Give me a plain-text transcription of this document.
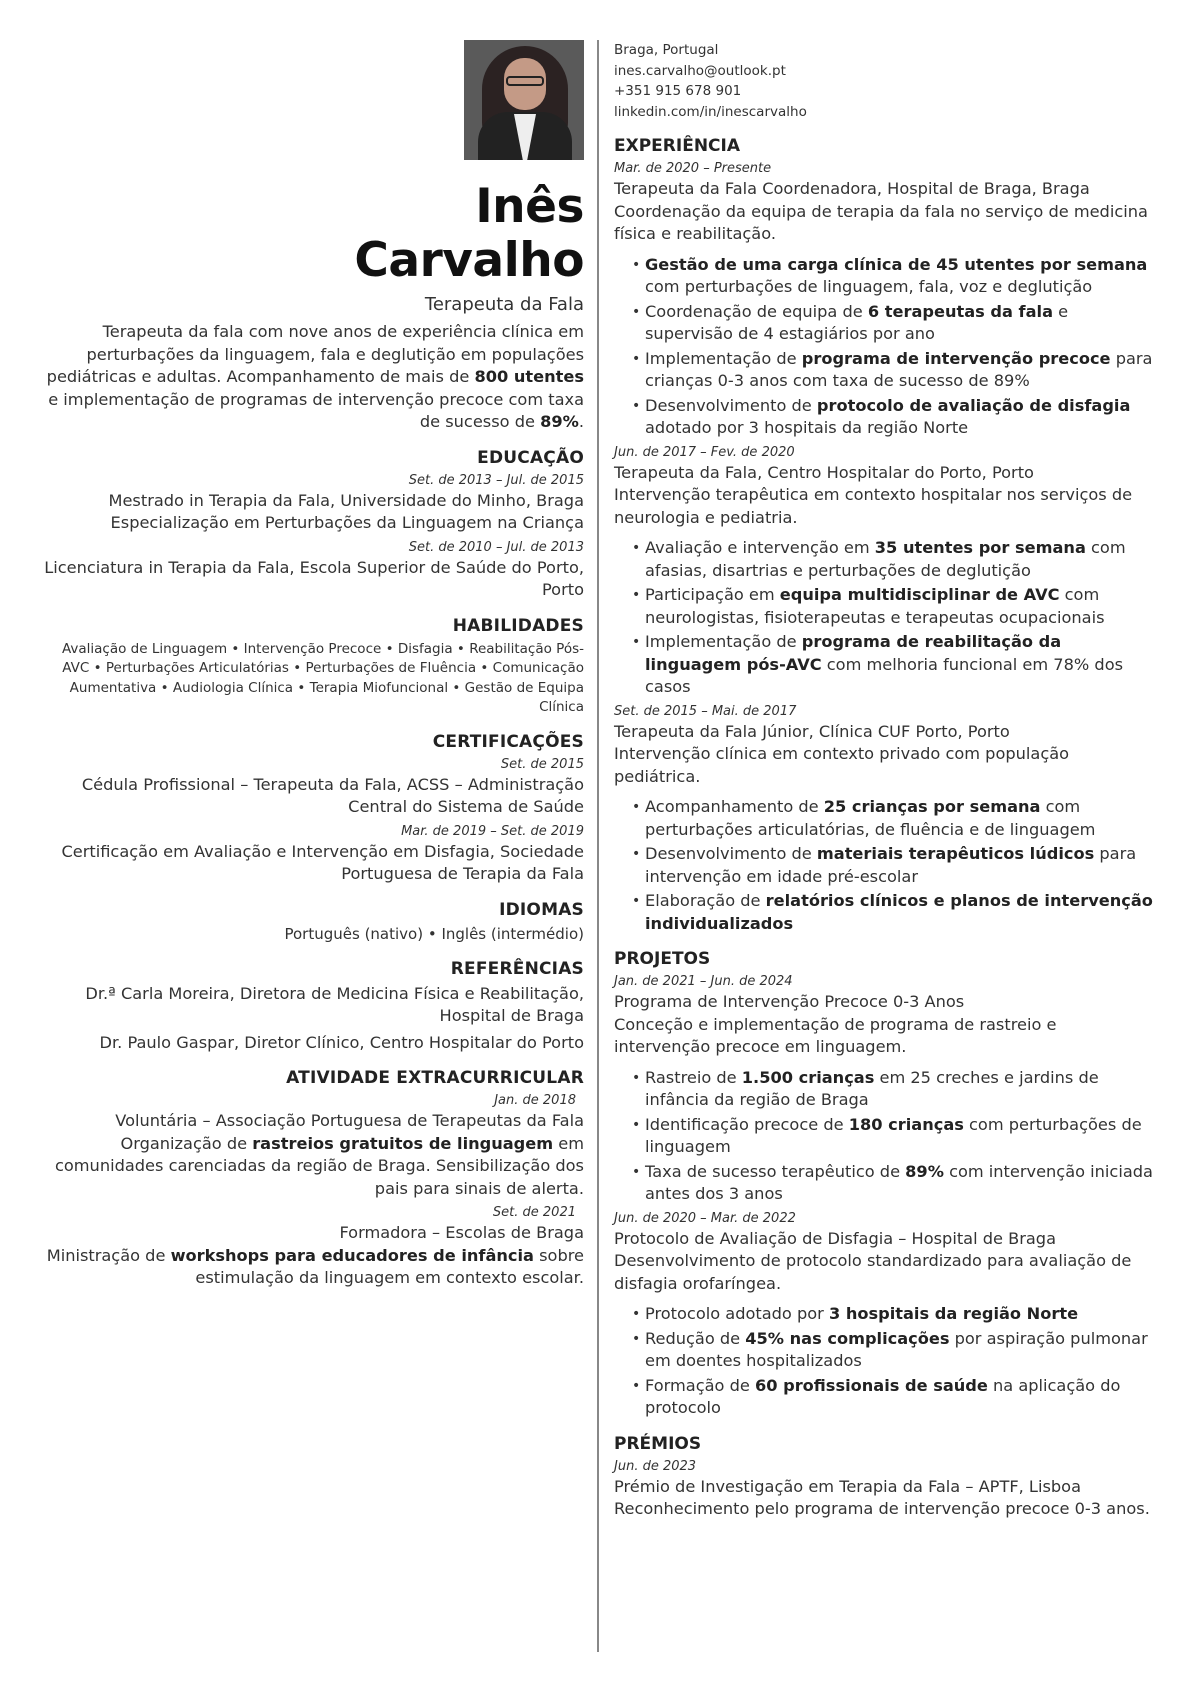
Inês
Carvalho
Terapeuta da Fala
Terapeuta da fala com nove anos de experiência clínica em perturbações da linguagem, fala e deglutição em populações pediátricas e adultas. Acompanhamento de mais de 800 utentes e implementação de programas de intervenção precoce com taxa de sucesso de 89%.
EDUCAÇÃO
Set. de 2013 – Jul. de 2015
Mestrado in Terapia da Fala, Universidade do Minho, Braga
Especialização em Perturbações da Linguagem na Criança
Set. de 2010 – Jul. de 2013
Licenciatura in Terapia da Fala, Escola Superior de Saúde do Porto, Porto
HABILIDADES
Avaliação de Linguagem • Intervenção Precoce • Disfagia • Reabilitação Pós-AVC • Perturbações Articulatórias • Perturbações de Fluência • Comunicação Aumentativa • Audiologia Clínica • Terapia Miofuncional • Gestão de Equipa Clínica
CERTIFICAÇÕES
Set. de 2015
Cédula Profissional – Terapeuta da Fala, ACSS – Administração Central do Sistema de Saúde
Mar. de 2019 – Set. de 2019
Certificação em Avaliação e Intervenção em Disfagia, Sociedade Portuguesa de Terapia da Fala
IDIOMAS
Português (nativo) • Inglês (intermédio)
REFERÊNCIAS
Dr.ª Carla Moreira, Diretora de Medicina Física e Reabilitação, Hospital de Braga
Dr. Paulo Gaspar, Diretor Clínico, Centro Hospitalar do Porto
ATIVIDADE EXTRACURRICULAR
Jan. de 2018
Voluntária – Associação Portuguesa de Terapeutas da Fala
Organização de rastreios gratuitos de linguagem em comunidades carenciadas da região de Braga. Sensibilização dos pais para sinais de alerta.
Set. de 2021
Formadora – Escolas de Braga
Ministração de workshops para educadores de infância sobre estimulação da linguagem em contexto escolar.
Braga, Portugal
ines.carvalho@outlook.pt
+351 915 678 901
linkedin.com/in/inescarvalho
EXPERIÊNCIA
Mar. de 2020 – Presente
Terapeuta da Fala Coordenadora, Hospital de Braga, Braga
Coordenação da equipa de terapia da fala no serviço de medicina física e reabilitação.
• Gestão de uma carga clínica de 45 utentes por semana com perturbações de linguagem, fala, voz e deglutição
• Coordenação de equipa de 6 terapeutas da fala e supervisão de 4 estagiários por ano
• Implementação de programa de intervenção precoce para crianças 0-3 anos com taxa de sucesso de 89%
• Desenvolvimento de protocolo de avaliação de disfagia adotado por 3 hospitais da região Norte
Jun. de 2017 – Fev. de 2020
Terapeuta da Fala, Centro Hospitalar do Porto, Porto
Intervenção terapêutica em contexto hospitalar nos serviços de neurologia e pediatria.
• Avaliação e intervenção em 35 utentes por semana com afasias, disartrias e perturbações de deglutição
• Participação em equipa multidisciplinar de AVC com neurologistas, fisioterapeutas e terapeutas ocupacionais
• Implementação de programa de reabilitação da linguagem pós-AVC com melhoria funcional em 78% dos casos
Set. de 2015 – Mai. de 2017
Terapeuta da Fala Júnior, Clínica CUF Porto, Porto
Intervenção clínica em contexto privado com população pediátrica.
• Acompanhamento de 25 crianças por semana com perturbações articulatórias, de fluência e de linguagem
• Desenvolvimento de materiais terapêuticos lúdicos para intervenção em idade pré-escolar
• Elaboração de relatórios clínicos e planos de intervenção individualizados
PROJETOS
Jan. de 2021 – Jun. de 2024
Programa de Intervenção Precoce 0-3 Anos
Conceção e implementação de programa de rastreio e intervenção precoce em linguagem.
• Rastreio de 1.500 crianças em 25 creches e jardins de infância da região de Braga
• Identificação precoce de 180 crianças com perturbações de linguagem
• Taxa de sucesso terapêutico de 89% com intervenção iniciada antes dos 3 anos
Jun. de 2020 – Mar. de 2022
Protocolo de Avaliação de Disfagia – Hospital de Braga
Desenvolvimento de protocolo standardizado para avaliação de disfagia orofaríngea.
• Protocolo adotado por 3 hospitais da região Norte
• Redução de 45% nas complicações por aspiração pulmonar em doentes hospitalizados
• Formação de 60 profissionais de saúde na aplicação do protocolo
PRÉMIOS
Jun. de 2023
Prémio de Investigação em Terapia da Fala – APTF, Lisboa
Reconhecimento pelo programa de intervenção precoce 0-3 anos.
